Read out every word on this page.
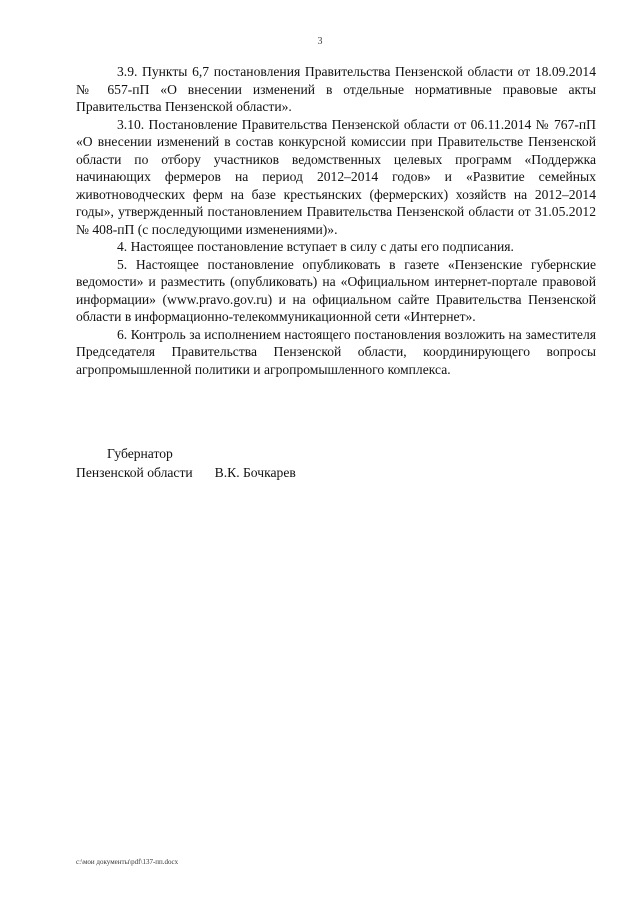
3

3.9. Пункты 6,7 постановления Правительства Пензенской области от 18.09.2014 № 657-пП «О внесении изменений в отдельные нормативные правовые акты Правительства Пензенской области».

3.10. Постановление Правительства Пензенской области от 06.11.2014 № 767-пП «О внесении изменений в состав конкурсной комиссии при Правительстве Пензенской области по отбору участников ведомственных целевых программ «Поддержка начинающих фермеров на период 2012–2014 годов» и «Развитие семейных животноводческих ферм на базе крестьянских (фермерских) хозяйств на 2012–2014 годы», утвержденный постановлением Правительства Пензенской области от 31.05.2012 № 408-пП (с последующими изменениями)».

4. Настоящее постановление вступает в силу с даты его подписания.

5. Настоящее постановление опубликовать в газете «Пензенские губернские ведомости» и разместить (опубликовать) на «Официальном интернет-портале правовой информации» (www.pravo.gov.ru) и на официальном сайте Правительства Пензенской области в информационно-телекоммуникационной сети «Интернет».

6. Контроль за исполнением настоящего постановления возложить на заместителя Председателя Правительства Пензенской области, координирующего вопросы агропромышленной политики и агропромышленного комплекса.

Губернатор
Пензенской области В.К. Бочкарев
c:\мои документы\pdf\137-пп.docx
